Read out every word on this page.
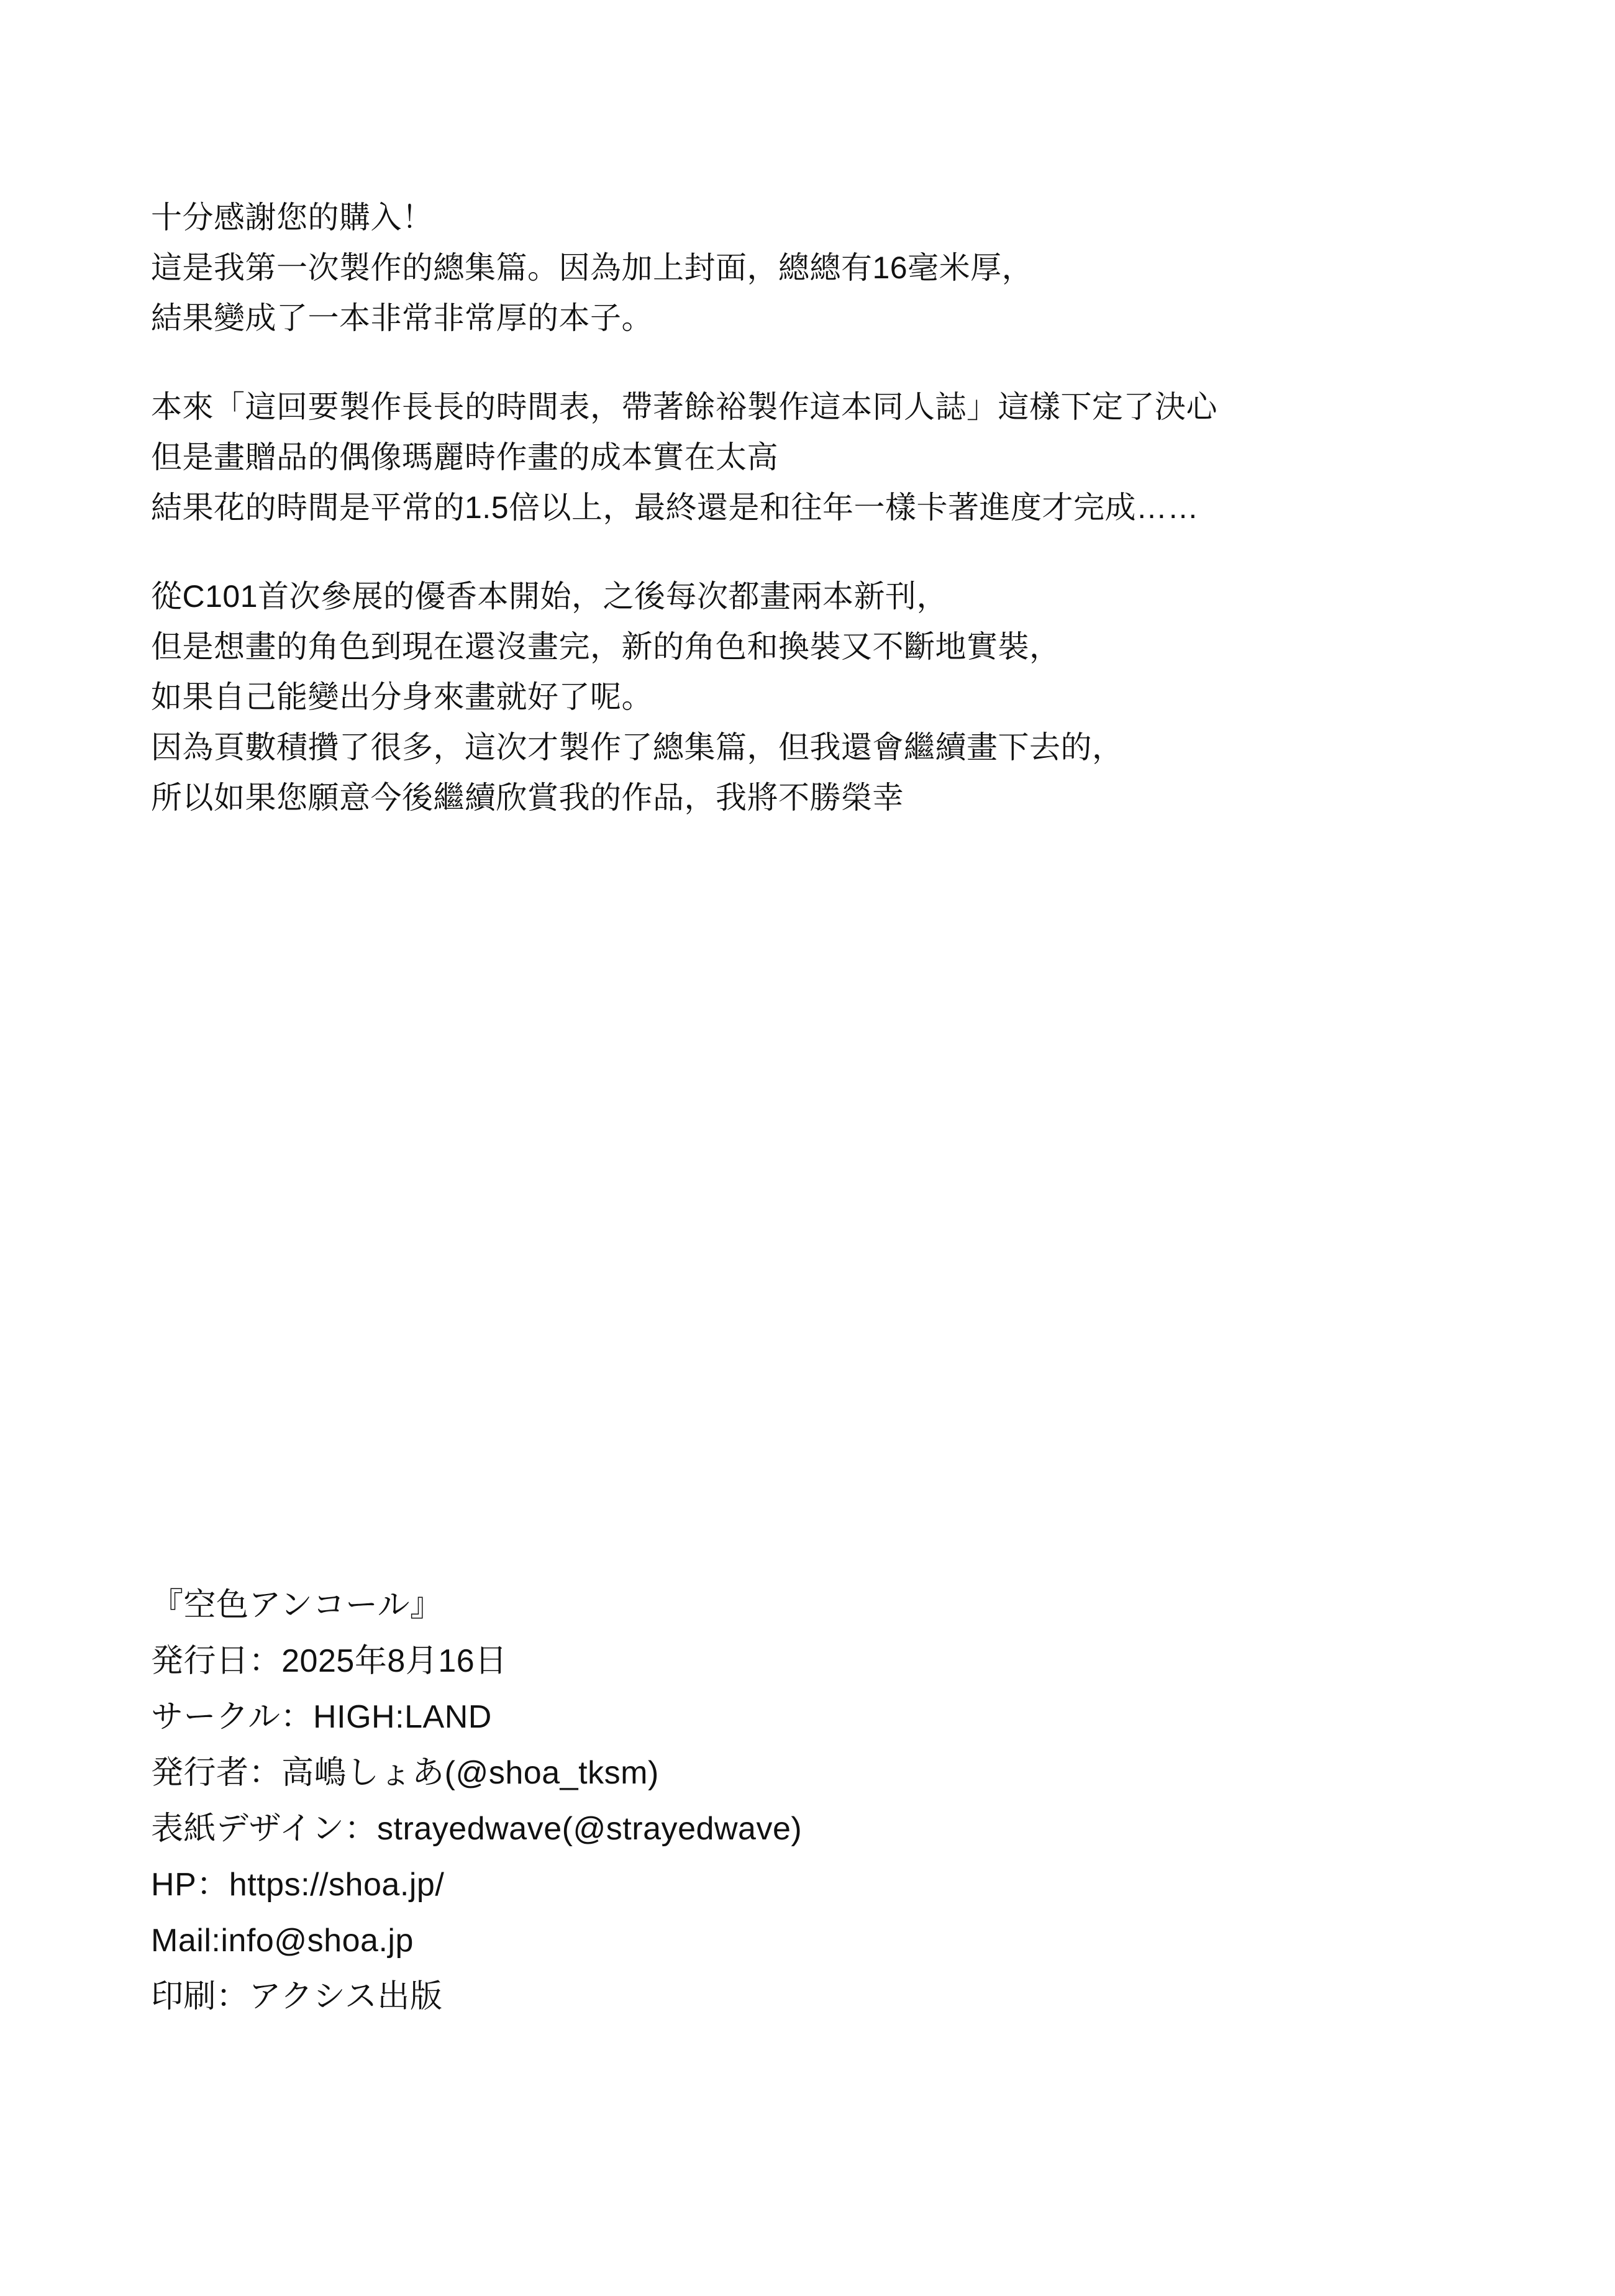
十分感謝您的購入！
這是我第一次製作的總集篇。因為加上封面，總總有16毫米厚，
結果變成了一本非常非常厚的本子。
本來「這回要製作長長的時間表，帶著餘裕製作這本同人誌」這樣下定了決心
但是畫贈品的偶像瑪麗時作畫的成本實在太高
結果花的時間是平常的1.5倍以上，最終還是和往年一樣卡著進度才完成……
從C101首次參展的優香本開始，之後每次都畫兩本新刊，
但是想畫的角色到現在還沒畫完，新的角色和換裝又不斷地實裝，
如果自己能變出分身來畫就好了呢。
因為頁數積攢了很多，這次才製作了總集篇，但我還會繼續畫下去的，
所以如果您願意今後繼續欣賞我的作品，我將不勝榮幸
『空色アンコール』
発行日：2025年8月16日
サークル：HIGH:LAND
発行者：高嶋しょあ(@shoa_tksm)
表紙デザイン：strayedwave(@strayedwave)
HP：https://shoa.jp/
Mail:info@shoa.jp
印刷：アクシス出版
